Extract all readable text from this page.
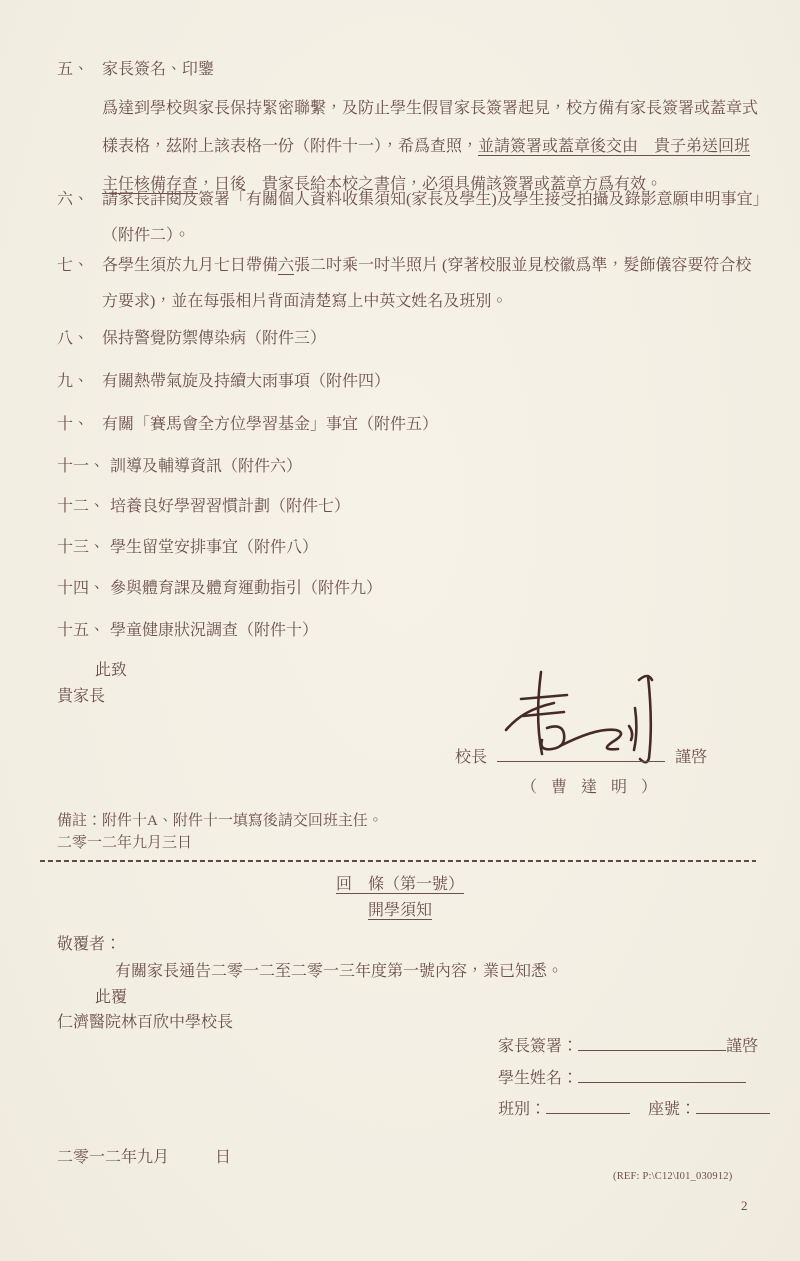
五、 家長簽名、印鑒
爲達到學校與家長保持緊密聯繫，及防止學生假冒家長簽署起見，校方備有家長簽署或蓋章式
樣表格，茲附上該表格一份（附件十一），希爲查照，並請簽署或蓋章後交由　貴子弟送回班
主任核備存查，日後　貴家長給本校之書信，必須具備該簽署或蓋章方爲有效。
六、 請家長詳閱及簽署「有關個人資料收集須知(家長及學生)及學生接受拍攝及錄影意願申明事宜」
（附件二）。
七、 各學生須於九月七日帶備六張二吋乘一吋半照片 (穿著校服並見校徽爲準，髮飾儀容要符合校
方要求)，並在每張相片背面清楚寫上中英文姓名及班別。
八、 保持警覺防禦傳染病（附件三）
九、 有關熱帶氣旋及持續大雨事項（附件四）
十、 有關「賽馬會全方位學習基金」事宜（附件五）
十一、 訓導及輔導資訊（附件六）
十二、 培養良好學習習慣計劃（附件七）
十三、 學生留堂安排事宜（附件八）
十四、 參與體育課及體育運動指引（附件九）
十五、 學童健康狀況調查（附件十）
此致
貴家長
校長	謹啓
（ 曹 達 明 ）
備註：附件十A、附件十一填寫後請交回班主任。
二零一二年九月三日
回　條（第一號）
開學須知
敬覆者：
有關家長通告二零一二至二零一三年度第一號內容，業已知悉。
此覆
仁濟醫院林百欣中學校長
家長簽署：	謹啓
學生姓名：
班別：	座號：
二零一二年九月	日
(REF: P:\C12\I01_030912)
2
